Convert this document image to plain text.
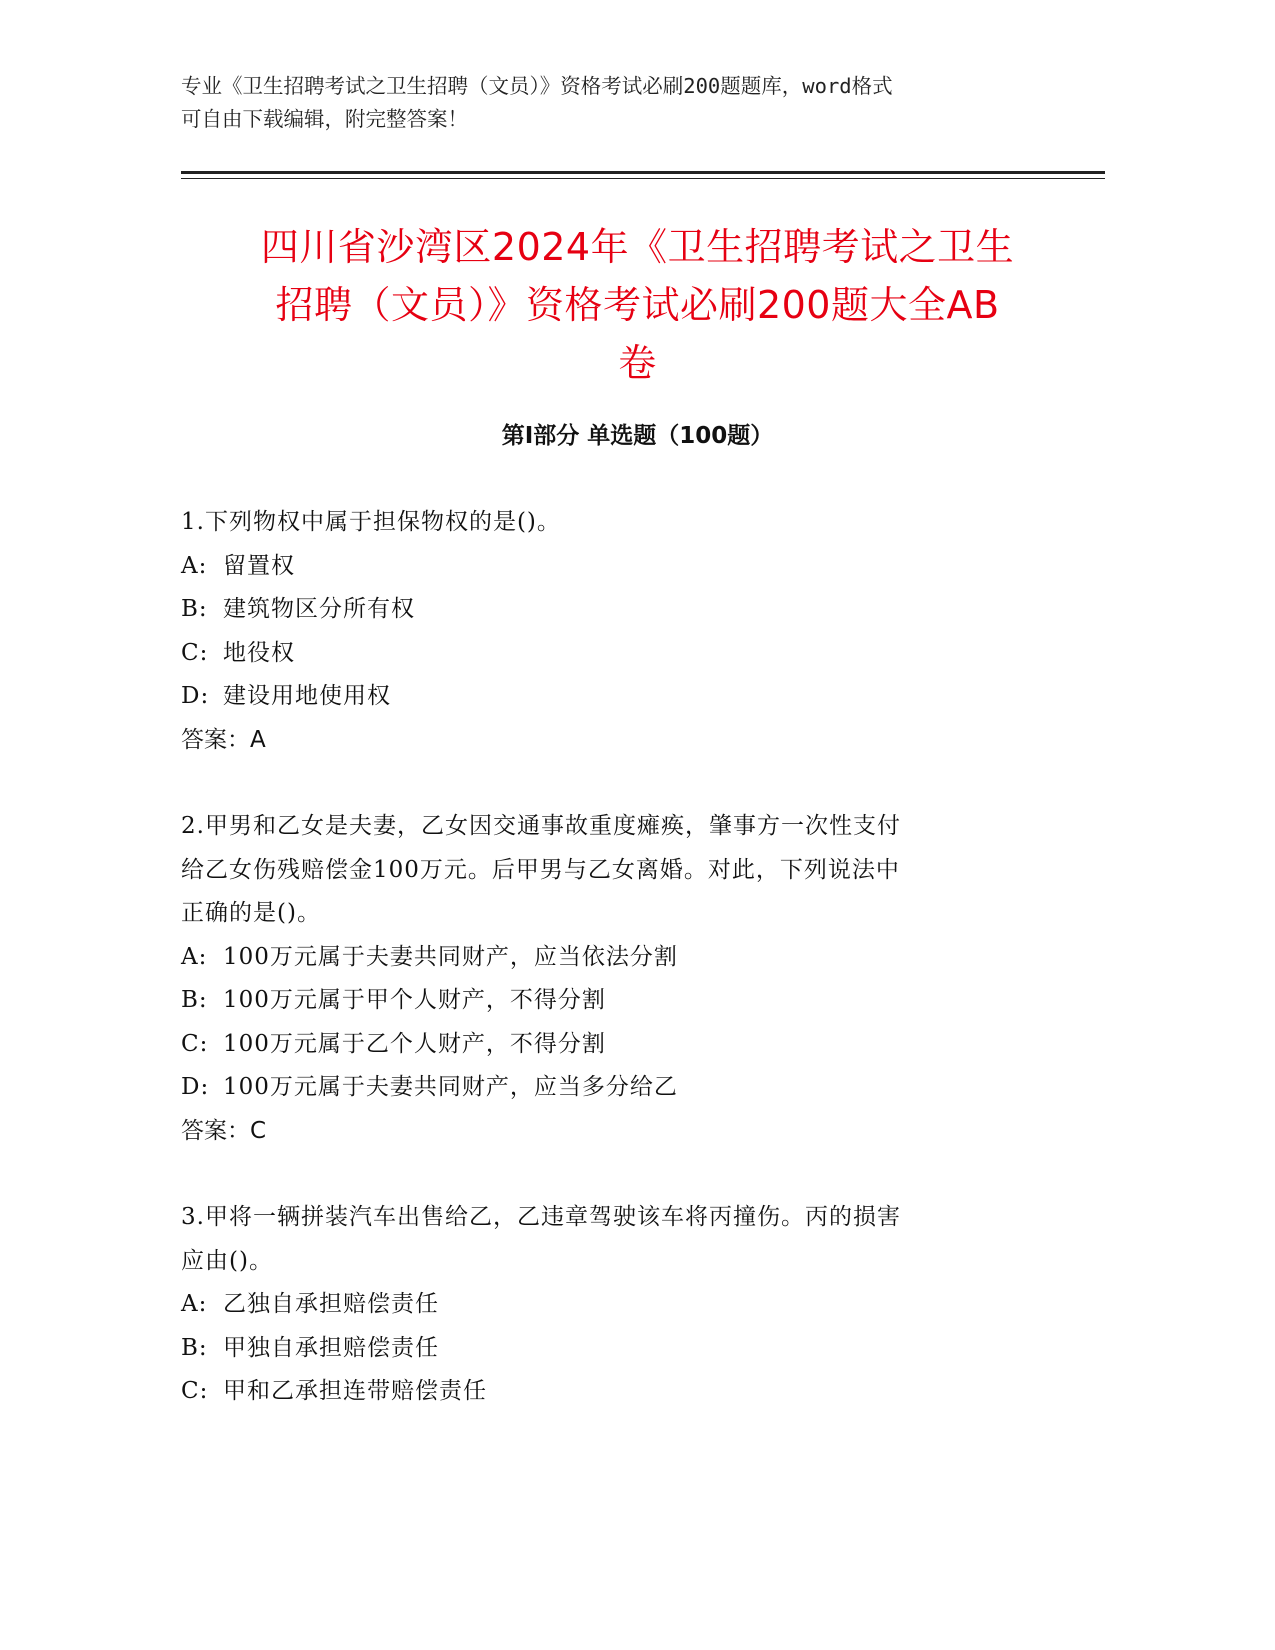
专业《卫生招聘考试之卫生招聘（文员）》资格考试必刷200题题库，word格式
可自由下载编辑，附完整答案！
四川省沙湾区2024年《卫生招聘考试之卫生
招聘（文员）》资格考试必刷200题大全AB
卷
第Ⅰ部分 单选题（100题）
1.下列物权中属于担保物权的是()。
A: 留置权
B: 建筑物区分所有权
C: 地役权
D: 建设用地使用权
答案：A
2.甲男和乙女是夫妻，乙女因交通事故重度瘫痪，肇事方一次性支付
给乙女伤残赔偿金100万元。后甲男与乙女离婚。对此，下列说法中
正确的是()。
A: 100万元属于夫妻共同财产，应当依法分割
B: 100万元属于甲个人财产，不得分割
C: 100万元属于乙个人财产，不得分割
D: 100万元属于夫妻共同财产，应当多分给乙
答案：C
3.甲将一辆拼装汽车出售给乙，乙违章驾驶该车将丙撞伤。丙的损害
应由()。
A: 乙独自承担赔偿责任
B: 甲独自承担赔偿责任
C: 甲和乙承担连带赔偿责任
